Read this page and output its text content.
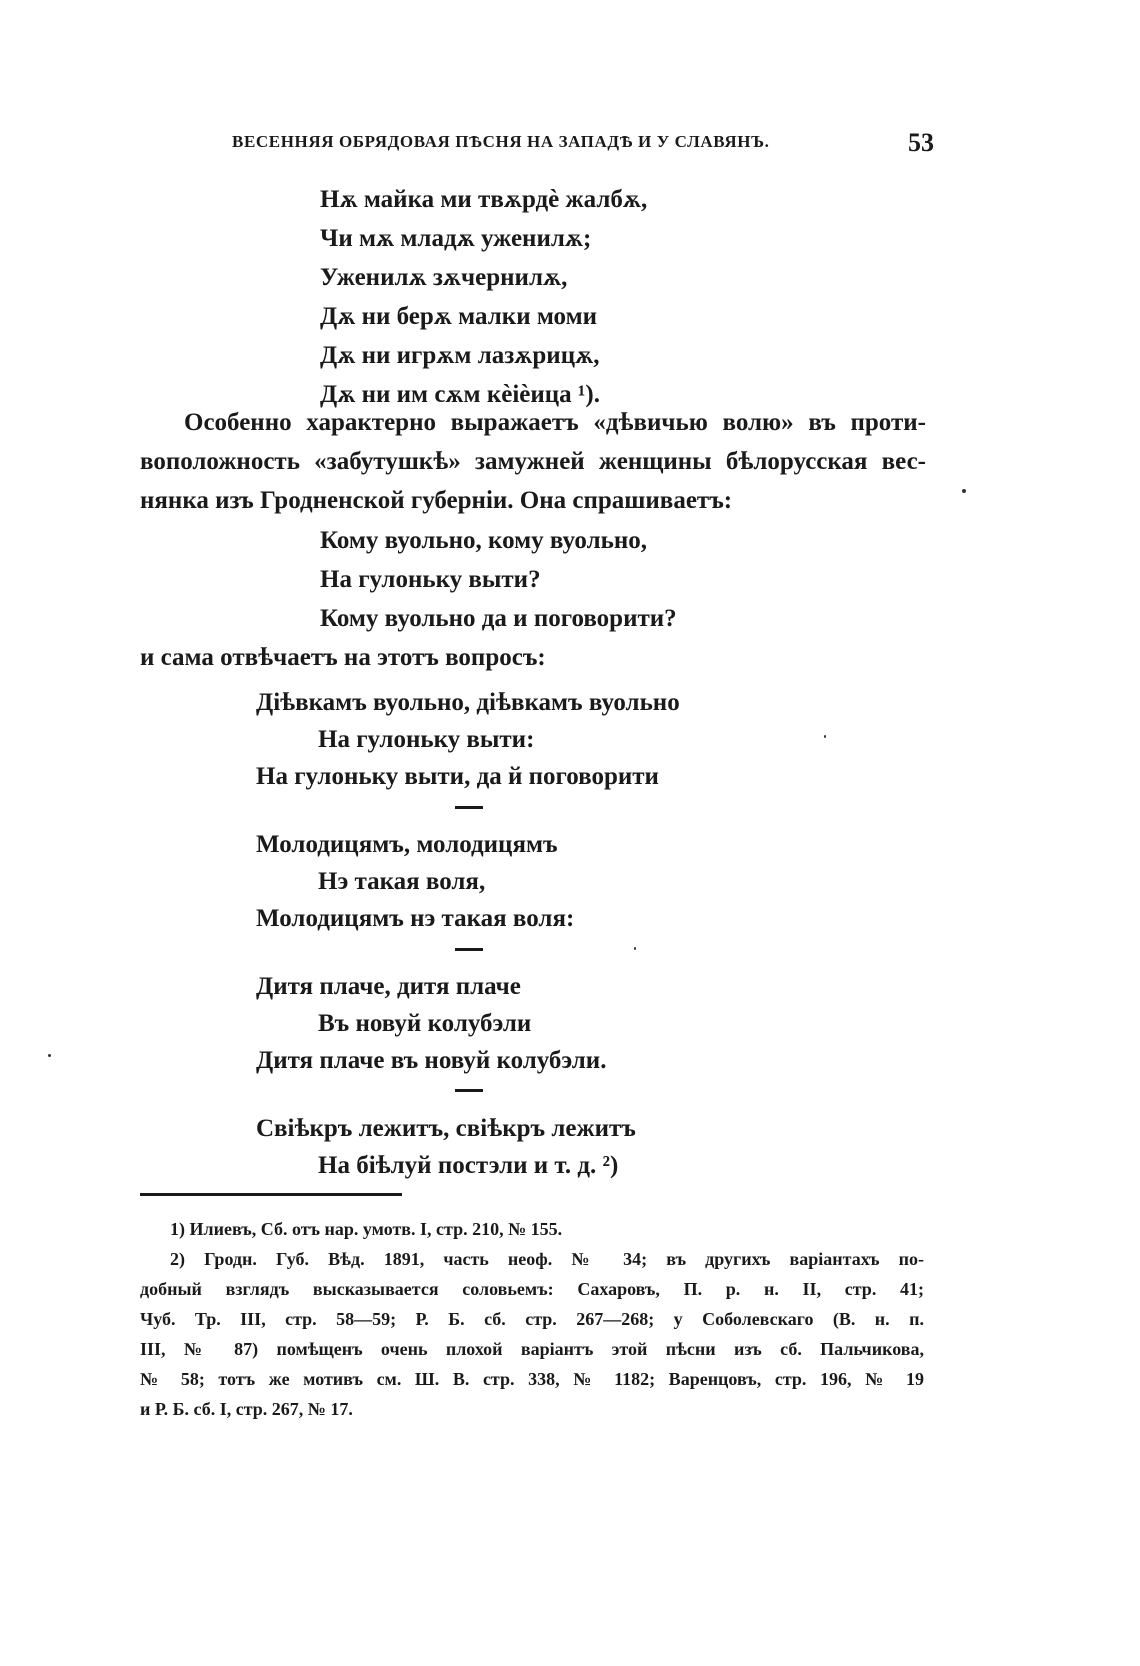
ВЕСЕННЯЯ ОБРЯДОВАЯ ПѢСНЯ НА ЗАПАДѢ И У СЛАВЯНЪ.	53
Нѫ майка ми твѫрдѐ жалбѫ,
Чи мѫ младѫ уженилѫ;
Уженилѫ зѫчернилѫ,
Дѫ ни берѫ малки моми
Дѫ ни игрѫм лазѫрицѫ,
Дѫ ни им сѫм кѐiѐица ¹).
Особенно характерно выражаетъ «дѣвичью волю» въ проти-
воположность «забутушкѣ» замужней женщины бѣлорусская вес-
нянка изъ Гродненской губерніи. Она спрашиваетъ:
Кому вуольно, кому вуольно,
На гулоньку выти?
Кому вуольно да и поговорити?
и сама отвѣчаетъ на этотъ вопросъ:
Дiѣвкамъ вуольно, дiѣвкамъ вуольно
На гулоньку выти:
На гулоньку выти, да й поговорити
Молодицямъ, молодицямъ
Нэ такая воля,
Молодицямъ нэ такая воля:
Дитя плаче, дитя плаче
Въ новуй колубэли
Дитя плаче въ новуй колубэли.
Свiѣкръ лежитъ, свiѣкръ лежитъ
На бiѣлуй постэли и т. д. ²)
1) Илиевъ, Сб. отъ нар. умотв. I, стр. 210, № 155.
2) Гродн. Губ. Вѣд. 1891, часть неоф. № 34; въ другихъ варіантахъ по-
добный взглядъ высказывается соловьемъ: Сахаровъ, П. р. н. II, стр. 41;
Чуб. Тр. III, стр. 58—59; Р. Б. сб. стр. 267—268; у Соболевскаго (В. н. п.
III, № 87) помѣщенъ очень плохой варіантъ этой пѣсни изъ сб. Пальчикова,
№ 58; тотъ же мотивъ см. Ш. В. стр. 338, № 1182; Варенцовъ, стр. 196, № 19
и Р. Б. сб. I, стр. 267, № 17.
